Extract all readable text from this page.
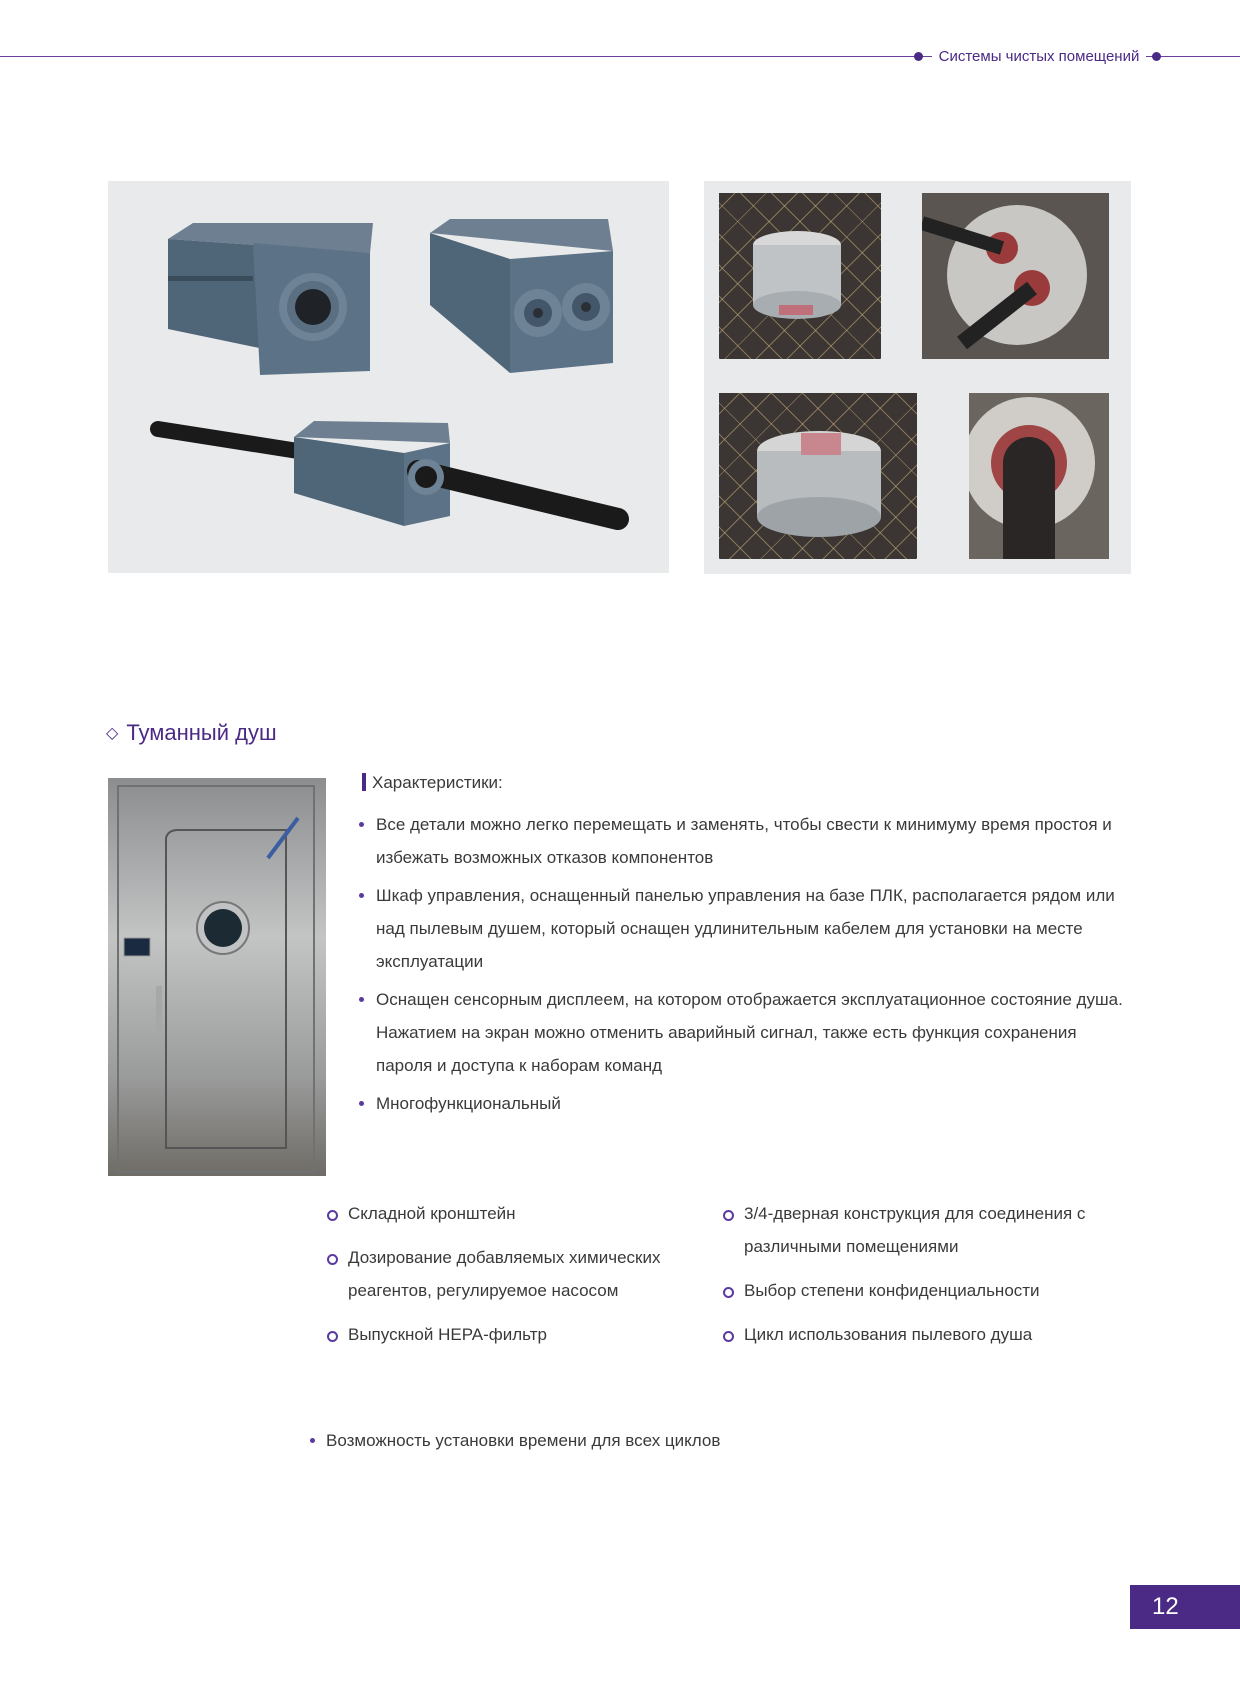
Системы чистых помещений
◇ Туманный душ
Характеристики:
Все детали можно легко перемещать и заменять, чтобы свести к минимуму время простоя и избежать возможных отказов компонентов
Шкаф управления, оснащенный панелью управления на базе ПЛК, располагается рядом или над пылевым душем, который оснащен удлинительным кабелем для установки на месте эксплуатации
Оснащен сенсорным дисплеем, на котором отображается эксплуатационное состояние душа. Нажатием на экран можно отменить аварийный сигнал, также есть функция сохранения пароля и доступа к наборам команд
Многофункциональный
Складной кронштейн
Дозирование добавляемых химических реагентов, регулируемое насосом
Выпускной HEPA-фильтр
3/4-дверная конструкция для соединения с различными помещениями
Выбор степени конфиденциальности
Цикл использования пылевого душа
Возможность установки времени для всех циклов
12
